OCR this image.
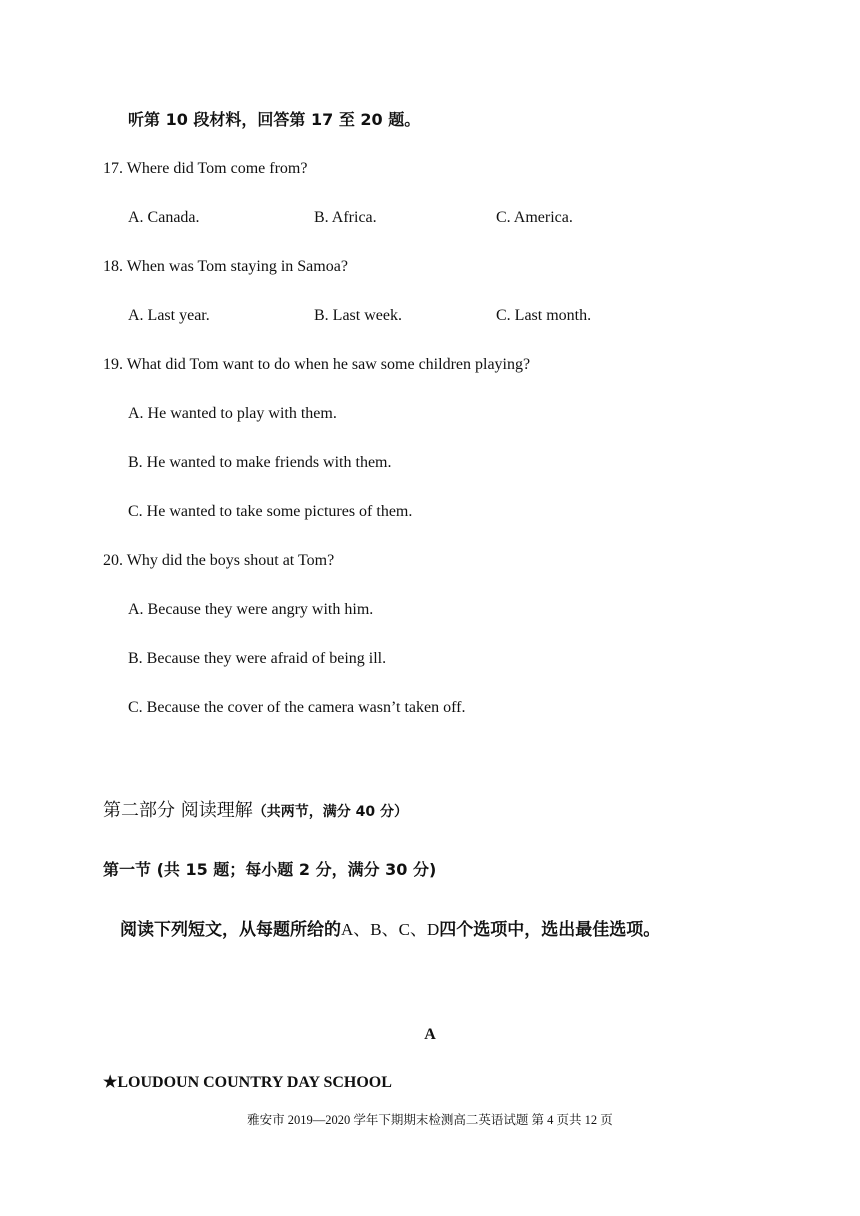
听第 10 段材料，回答第 17 至 20 题。
17. Where did Tom come from?
A. Canada.	B. Africa.	C. America.
18. When was Tom staying in Samoa?
A. Last year.	B. Last week.	C. Last month.
19. What did Tom want to do when he saw some children playing?
A. He wanted to play with them.
B. He wanted to make friends with them.
C. He wanted to take some pictures of them.
20. Why did the boys shout at Tom?
A. Because they were angry with him.
B. Because they were afraid of being ill.
C. Because the cover of the camera wasn’t taken off.
第二部分 阅读理解（共两节，满分 40 分）
第一节 (共 15 题；每小题 2 分，满分 30 分)
阅读下列短文，从每题所给的A、B、C、D四个选项中，选出最佳选项。
A
★LOUDOUN COUNTRY DAY SCHOOL
雅安市 2019—2020 学年下期期末检测高二英语试题 第 4 页共 12 页
